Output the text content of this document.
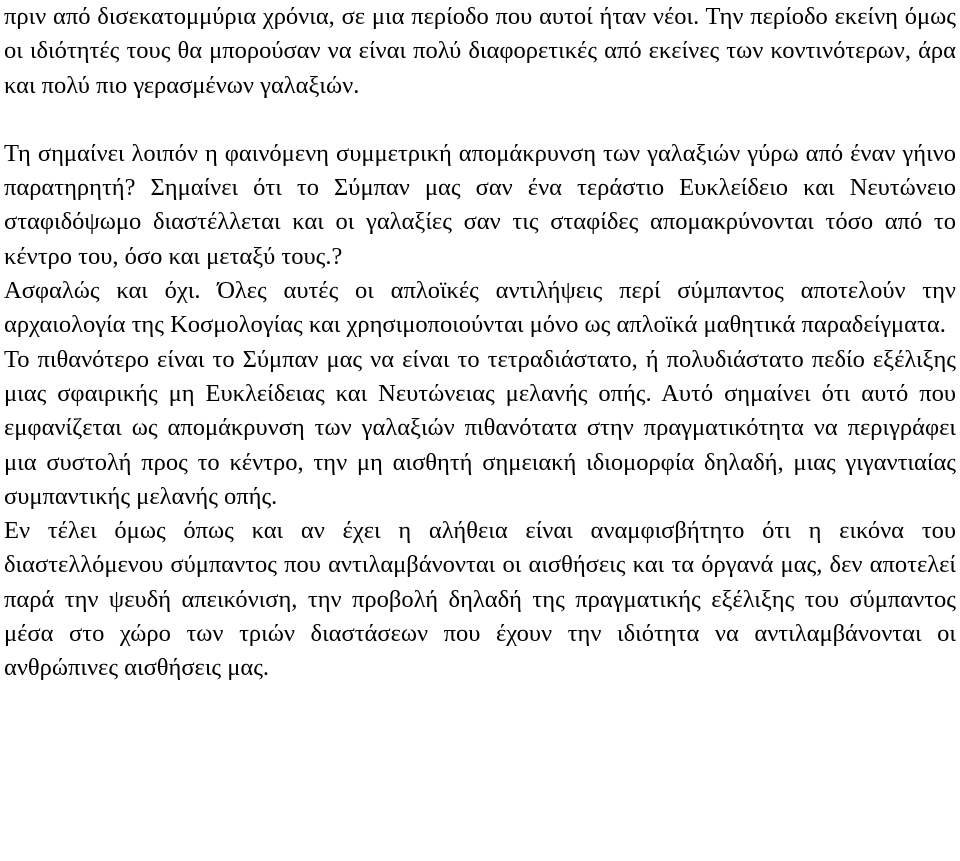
πριν από δισεκατομμύρια χρόνια, σε μια περίοδο που αυτοί ήταν νέοι. Την περίοδο εκείνη όμως οι ιδιότητές τους θα μπορούσαν να είναι πολύ διαφορετικές από εκείνες των κοντινότερων, άρα και πολύ πιο γερασμένων γαλαξιών.

Τη σημαίνει λοιπόν η φαινόμενη συμμετρική απομάκρυνση των γαλαξιών γύρω από έναν γήινο παρατηρητή? Σημαίνει ότι το Σύμπαν μας σαν ένα τεράστιο Ευκλείδειο και Νευτώνειο σταφιδόψωμο διαστέλλεται και οι γαλαξίες σαν τις σταφίδες απομακρύνονται τόσο από το κέντρο του, όσο και μεταξύ τους.?

Ασφαλώς και όχι. Όλες αυτές οι απλοϊκές αντιλήψεις περί σύμπαντος αποτελούν την αρχαιολογία της Κοσμολογίας και χρησιμοποιούνται μόνο ως απλοϊκά μαθητικά παραδείγματα.

Το πιθανότερο είναι το Σύμπαν μας να είναι το τετραδιάστατο, ή πολυδιάστατο πεδίο εξέλιξης μιας σφαιρικής μη Ευκλείδειας και Νευτώνειας μελανής οπής. Αυτό σημαίνει ότι αυτό που εμφανίζεται ως απομάκρυνση των γαλαξιών πιθανότατα στην πραγματικότητα να περιγράφει μια συστολή προς το κέντρο, την μη αισθητή σημειακή ιδιομορφία δηλαδή, μιας γιγαντιαίας συμπαντικής μελανής οπής.

Εν τέλει όμως όπως και αν έχει η αλήθεια είναι αναμφισβήτητο ότι η εικόνα του διαστελλόμενου σύμπαντος που αντιλαμβάνονται οι αισθήσεις και τα όργανά μας, δεν αποτελεί παρά την ψευδή απεικόνιση, την προβολή δηλαδή της πραγματικής εξέλιξης του σύμπαντος μέσα στο χώρο των τριών διαστάσεων που έχουν την ιδιότητα να αντιλαμβάνονται οι ανθρώπινες αισθήσεις μας.
